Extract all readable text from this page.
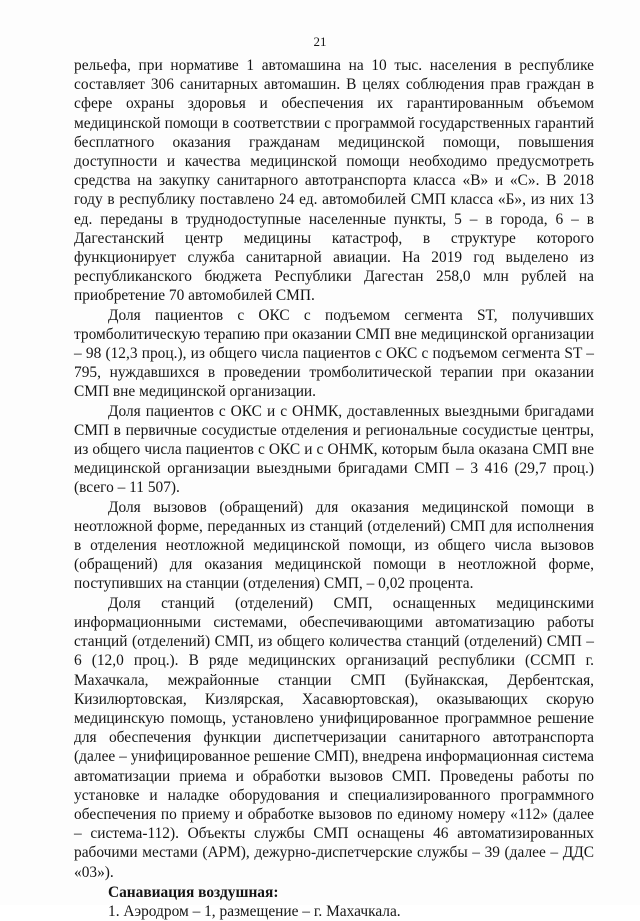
21

рельефа, при нормативе 1 автомашина на 10 тыс. населения в республике составляет 306 санитарных автомашин. В целях соблюдения прав граждан в сфере охраны здоровья и обеспечения их гарантированным объемом медицинской помощи в соответствии с программой государственных гарантий бесплатного оказания гражданам медицинской помощи, повышения доступности и качества медицинской помощи необходимо предусмотреть средства на закупку санитарного автотранспорта класса «В» и «С». В 2018 году в республику поставлено 24 ед. автомобилей СМП класса «Б», из них 13 ед. переданы в труднодоступные населенные пункты, 5 – в города, 6 – в Дагестанский центр медицины катастроф, в структуре которого функционирует служба санитарной авиации. На 2019 год выделено из республиканского бюджета Республики Дагестан 258,0 млн рублей на приобретение 70 автомобилей СМП.

Доля пациентов с ОКС с подъемом сегмента ST, получивших тромболитическую терапию при оказании СМП вне медицинской организации – 98 (12,3 проц.), из общего числа пациентов с ОКС с подъемом сегмента ST – 795, нуждавшихся в проведении тромболитической терапии при оказании СМП вне медицинской организации.

Доля пациентов с ОКС и с ОНМК, доставленных выездными бригадами СМП в первичные сосудистые отделения и региональные сосудистые центры, из общего числа пациентов с ОКС и с ОНМК, которым была оказана СМП вне медицинской организации выездными бригадами СМП – 3 416 (29,7 проц.) (всего – 11 507).

Доля вызовов (обращений) для оказания медицинской помощи в неотложной форме, переданных из станций (отделений) СМП для исполнения в отделения неотложной медицинской помощи, из общего числа вызовов (обращений) для оказания медицинской помощи в неотложной форме, поступивших на станции (отделения) СМП, – 0,02 процента.

Доля станций (отделений) СМП, оснащенных медицинскими информационными системами, обеспечивающими автоматизацию работы станций (отделений) СМП, из общего количества станций (отделений) СМП – 6 (12,0 проц.). В ряде медицинских организаций республики (ССМП г. Махачкала, межрайонные станции СМП (Буйнакская, Дербентская, Кизилюртовская, Кизлярская, Хасавюртовская), оказывающих скорую медицинскую помощь, установлено унифицированное программное решение для обеспечения функции диспетчеризации санитарного автотранспорта (далее – унифицированное решение СМП), внедрена информационная система автоматизации приема и обработки вызовов СМП. Проведены работы по установке и наладке оборудования и специализированного программного обеспечения по приему и обработке вызовов по единому номеру «112» (далее – система-112). Объекты службы СМП оснащены 46 автоматизированных рабочими местами (АРМ), дежурно-диспетчерские службы – 39 (далее – ДДС «03»).

Санавиация воздушная:

1. Аэродром – 1, размещение – г. Махачкала.
